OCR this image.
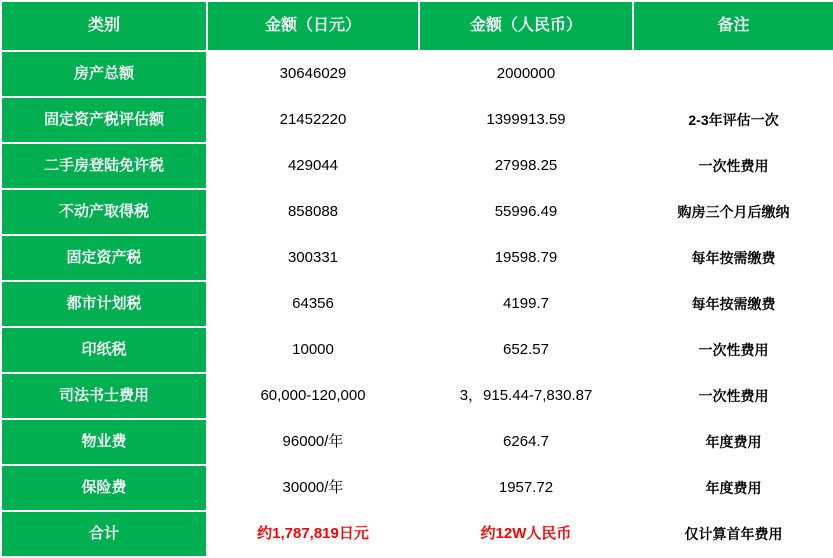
类别	金额（日元）	金额（人民币）	备注
房产总额	30646029	2000000	
固定资产税评估额	21452220	1399913.59	2-3年评估一次
二手房登陆免许税	429044	27998.25	一次性费用
不动产取得税	858088	55996.49	购房三个月后缴纳
固定资产税	300331	19598.79	每年按需缴费
都市计划税	64356	4199.7	每年按需缴费
印纸税	10000	652.57	一次性费用
司法书士费用	60,000-120,000	3，915.44-7,830.87	一次性费用
物业费	96000/年	6264.7	年度费用
保险费	30000/年	1957.72	年度费用
合计	约1,787,819日元	约12W人民币	仅计算首年费用
